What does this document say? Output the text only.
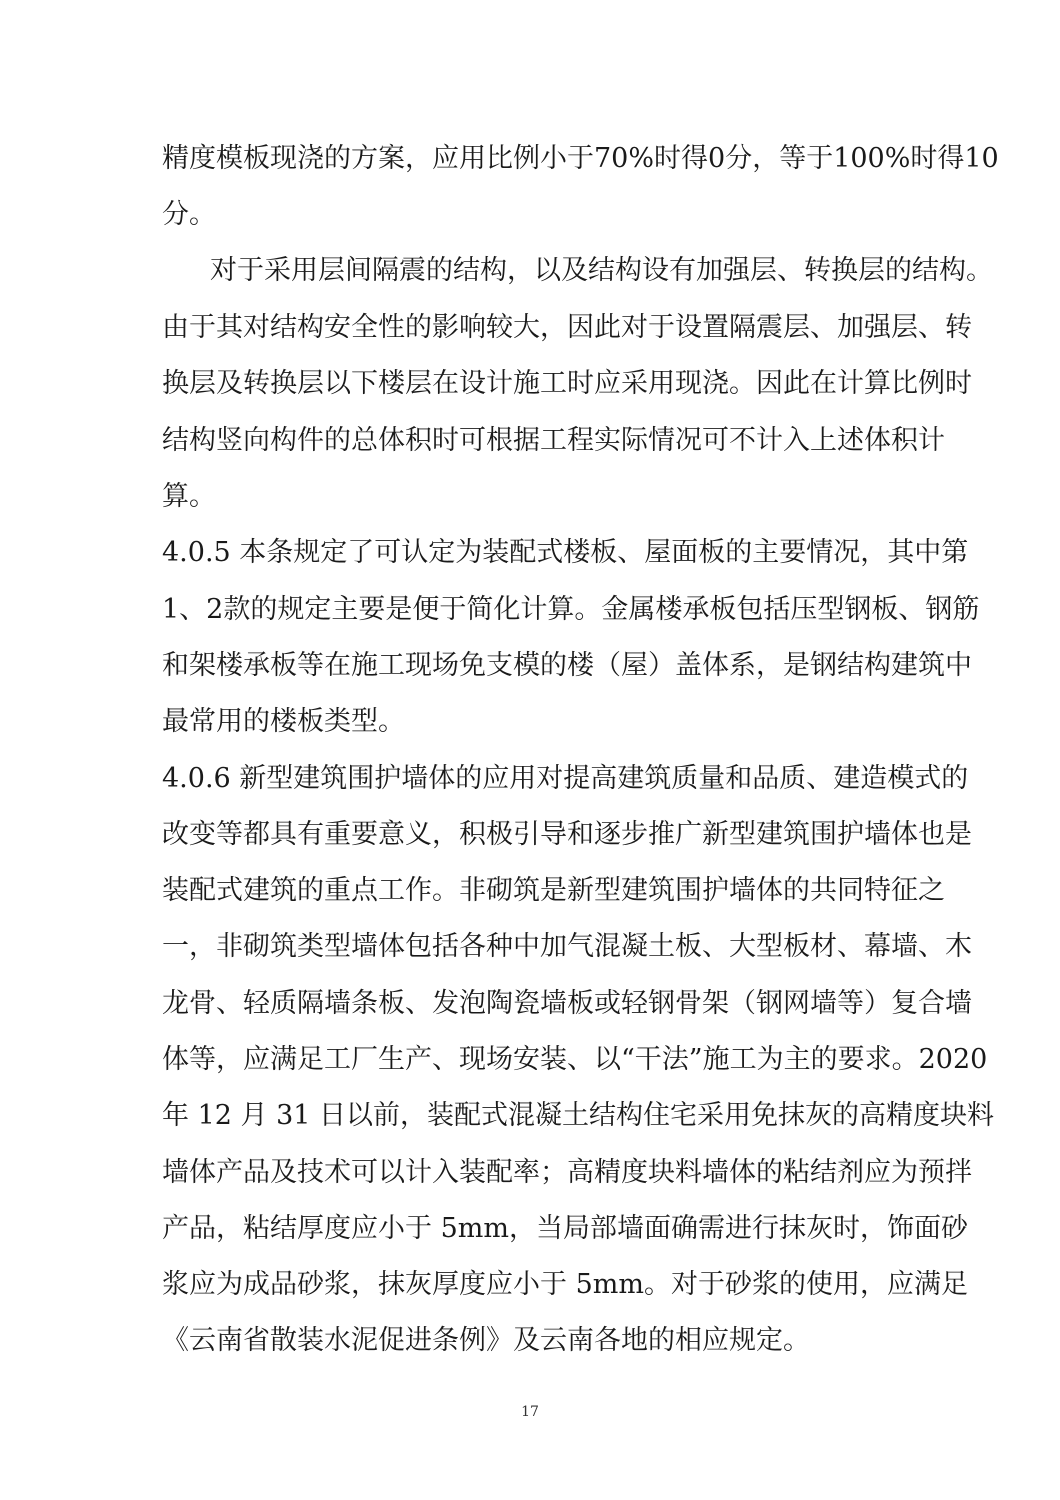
精度模板现浇的方案，应用比例小于70%时得0分，等于100%时得10
分。
对于采用层间隔震的结构，以及结构设有加强层、转换层的结构。
由于其对结构安全性的影响较大，因此对于设置隔震层、加强层、转
换层及转换层以下楼层在设计施工时应采用现浇。因此在计算比例时
结构竖向构件的总体积时可根据工程实际情况可不计入上述体积计
算。
4.0.5 本条规定了可认定为装配式楼板、屋面板的主要情况，其中第
1、2款的规定主要是便于简化计算。金属楼承板包括压型钢板、钢筋
和架楼承板等在施工现场免支模的楼（屋）盖体系，是钢结构建筑中
最常用的楼板类型。
4.0.6 新型建筑围护墙体的应用对提高建筑质量和品质、建造模式的
改变等都具有重要意义，积极引导和逐步推广新型建筑围护墙体也是
装配式建筑的重点工作。非砌筑是新型建筑围护墙体的共同特征之
一，非砌筑类型墙体包括各种中加气混凝土板、大型板材、幕墙、木
龙骨、轻质隔墙条板、发泡陶瓷墙板或轻钢骨架（钢网墙等）复合墙
体等，应满足工厂生产、现场安装、以“干法”施工为主的要求。2020
年 12 月 31 日以前，装配式混凝土结构住宅采用免抹灰的高精度块料
墙体产品及技术可以计入装配率；高精度块料墙体的粘结剂应为预拌
产品，粘结厚度应小于 5mm，当局部墙面确需进行抹灰时，饰面砂
浆应为成品砂浆，抹灰厚度应小于 5mm。对于砂浆的使用，应满足
《云南省散装水泥促进条例》及云南各地的相应规定。
17
